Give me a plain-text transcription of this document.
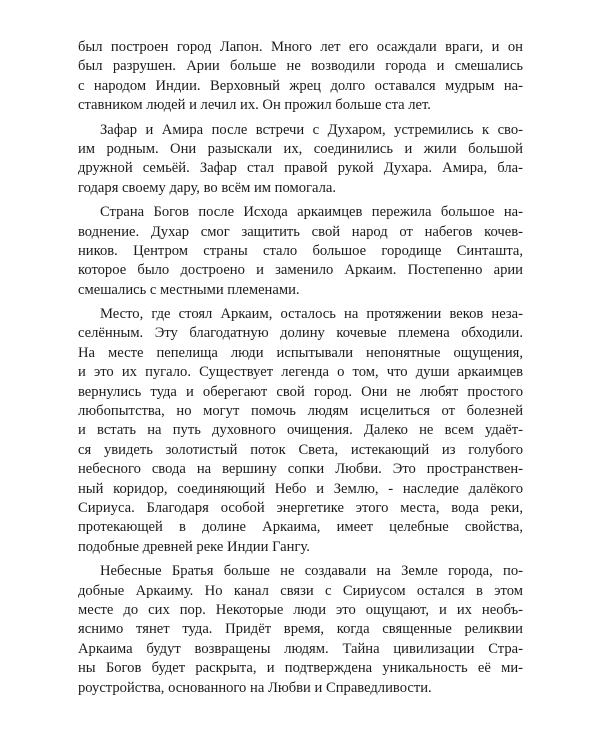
был построен город Лапон. Много лет его осаждали враги, и он
был разрушен. Арии больше не возводили города и смешались
с народом Индии. Верховный жрец долго оставался мудрым на-
ставником людей и лечил их. Он прожил больше ста лет.
Зафар и Амира после встречи с Духаром, устремились к сво-
им родным. Они разыскали их, соединились и жили большой
дружной семьёй. Зафар стал правой рукой Духара. Амира, бла-
годаря своему дару, во всём им помогала.
Страна Богов после Исхода аркаимцев пережила большое на-
воднение. Духар смог защитить свой народ от набегов кочев-
ников. Центром страны стало большое городище Синташта,
которое было достроено и заменило Аркаим. Постепенно арии
смешались с местными племенами.
Место, где стоял Аркаим, осталось на протяжении веков неза-
селённым. Эту благодатную долину кочевые племена обходили.
На месте пепелища люди испытывали непонятные ощущения,
и это их пугало. Существует легенда о том, что души аркаимцев
вернулись туда и оберегают свой город. Они не любят простого
любопытства, но могут помочь людям исцелиться от болезней
и встать на путь духовного очищения. Далеко не всем удаёт-
ся увидеть золотистый поток Света, истекающий из голубого
небесного свода на вершину сопки Любви. Это пространствен-
ный коридор, соединяющий Небо и Землю, - наследие далёкого
Сириуса. Благодаря особой энергетике этого места, вода реки,
протекающей в долине Аркаима, имеет целебные свойства,
подобные древней реке Индии Гангу.
Небесные Братья больше не создавали на Земле города, по-
добные Аркаиму. Но канал связи с Сириусом остался в этом
месте до сих пор. Некоторые люди это ощущают, и их необъ-
яснимо тянет туда. Придёт время, когда священные реликвии
Аркаима будут возвращены людям. Тайна цивилизации Стра-
ны Богов будет раскрыта, и подтверждена уникальность её ми-
роустройства, основанного на Любви и Справедливости.
